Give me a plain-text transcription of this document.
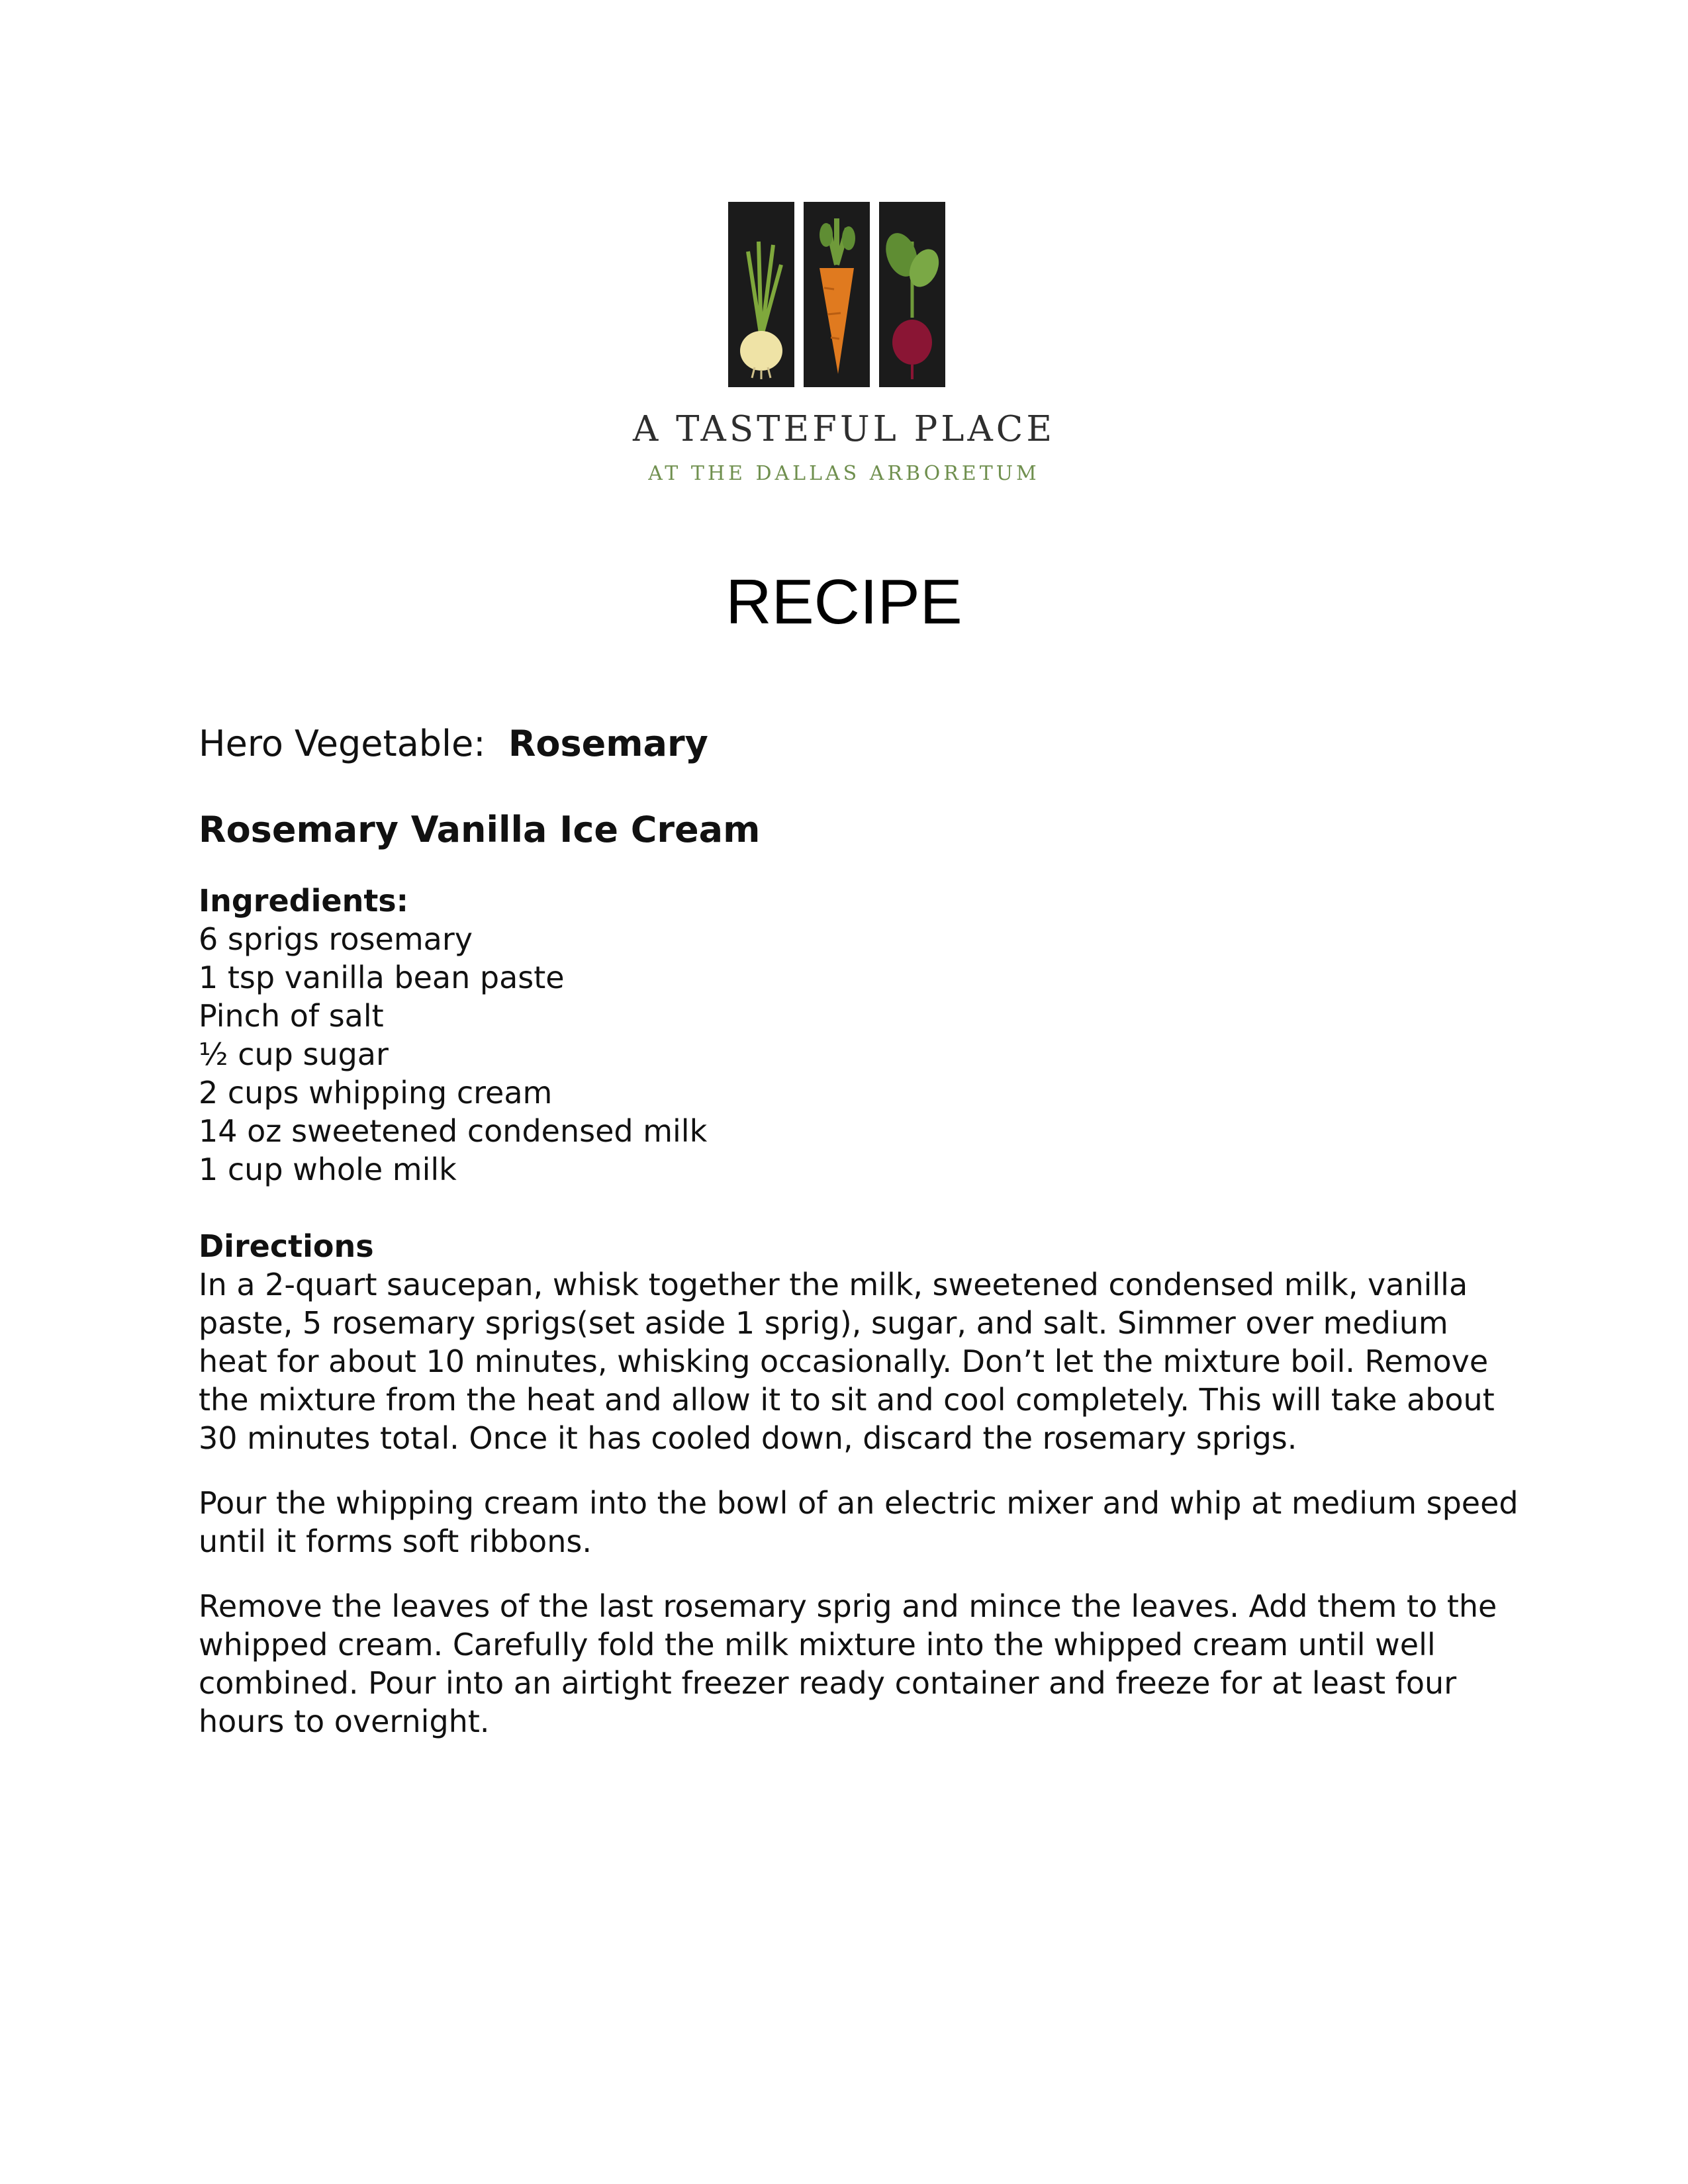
A TASTEFUL PLACE
AT THE DALLAS ARBORETUM
RECIPE

Hero Vegetable: Rosemary

Rosemary Vanilla Ice Cream
Ingredients:
6 sprigs rosemary
1 tsp vanilla bean paste
Pinch of salt
½ cup sugar
2 cups whipping cream
14 oz sweetened condensed milk
1 cup whole milk
Directions

In a 2-quart saucepan, whisk together the milk, sweetened condensed milk, vanilla paste, 5 rosemary sprigs(set aside 1 sprig), sugar, and salt. Simmer over medium heat for about 10 minutes, whisking occasionally. Don’t let the mixture boil. Remove the mixture from the heat and allow it to sit and cool completely. This will take about 30 minutes total. Once it has cooled down, discard the rosemary sprigs.

Pour the whipping cream into the bowl of an electric mixer and whip at medium speed until it forms soft ribbons.

Remove the leaves of the last rosemary sprig and mince the leaves. Add them to the whipped cream. Carefully fold the milk mixture into the whipped cream until well combined. Pour into an airtight freezer ready container and freeze for at least four hours to overnight.
